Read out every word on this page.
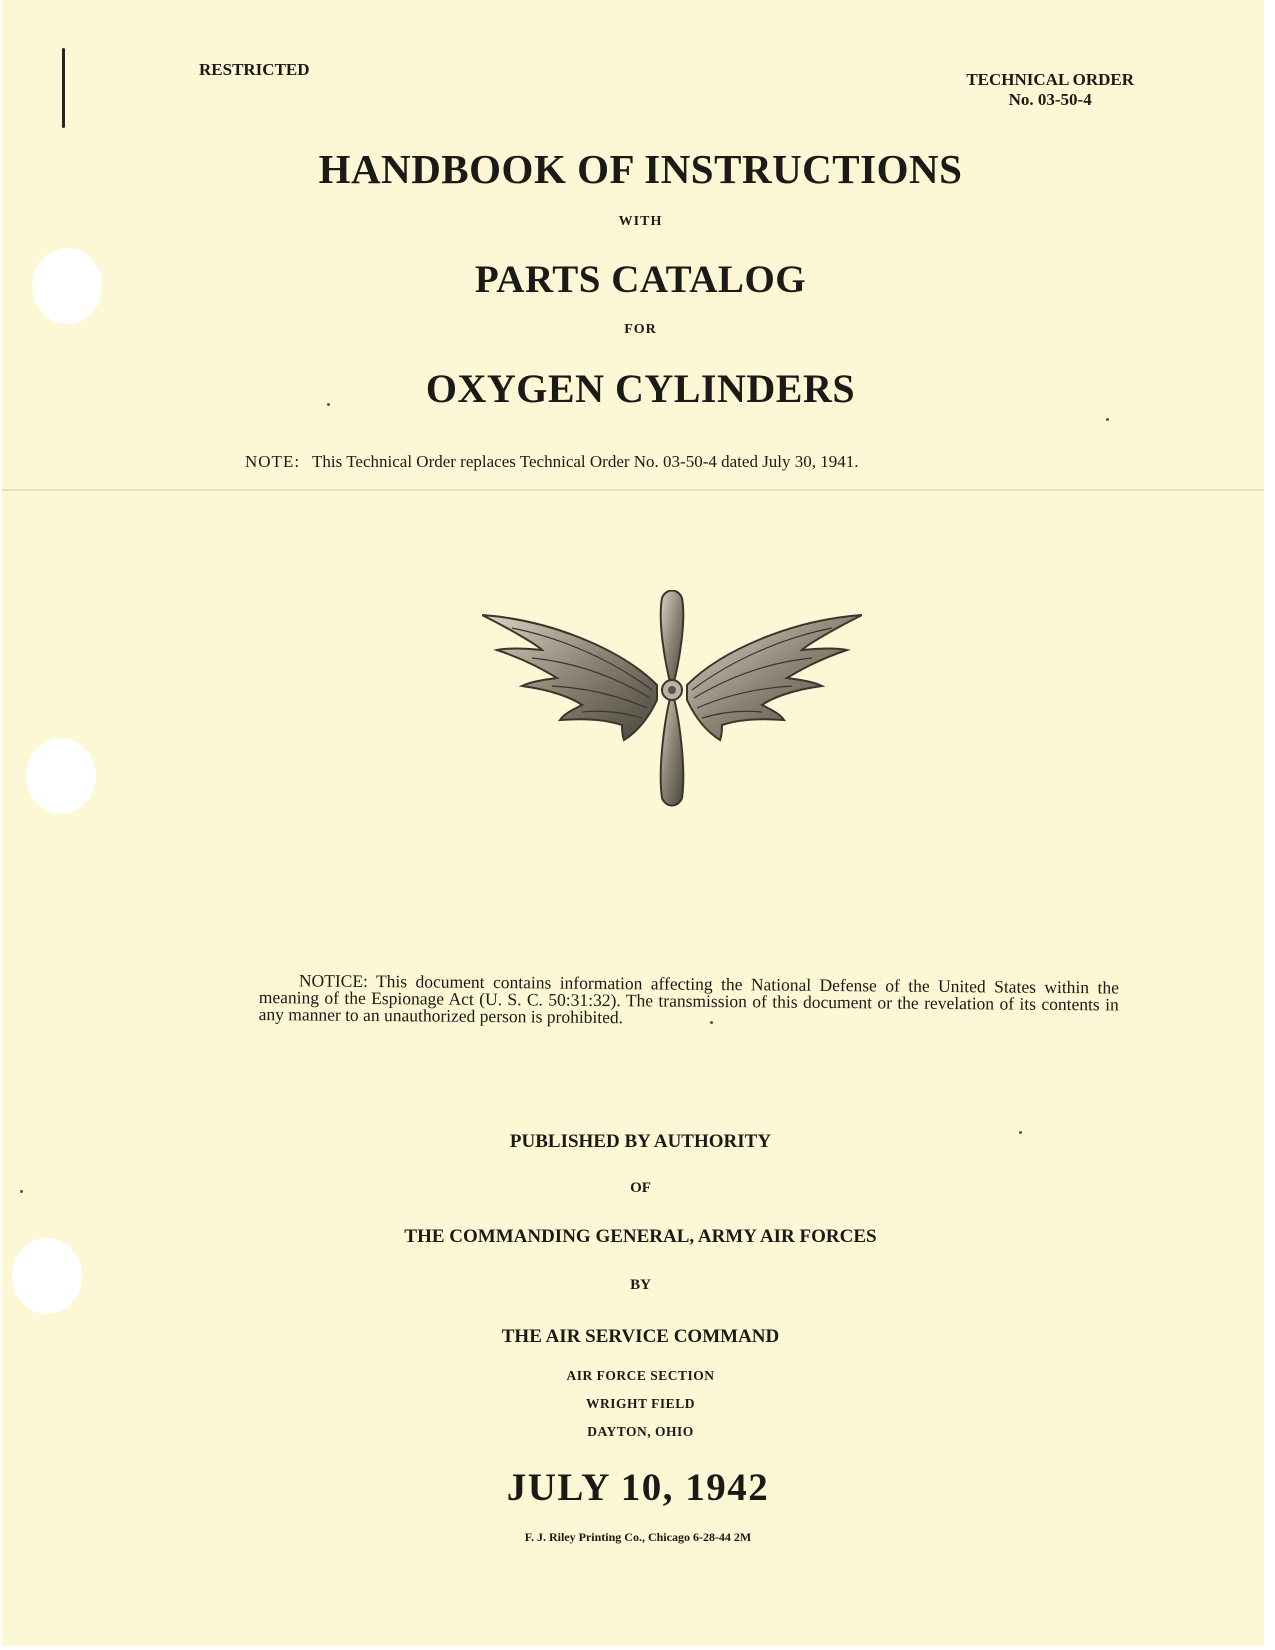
RESTRICTED
TECHNICAL ORDER
No. 03-50-4
HANDBOOK OF INSTRUCTIONS
WITH
PARTS CATALOG
FOR
OXYGEN CYLINDERS
NOTE: This Technical Order replaces Technical Order No. 03-50-4 dated July 30, 1941.
NOTICE: This document contains information affecting the National Defense of the United States within the meaning of the Espionage Act (U. S. C. 50:31:32). The transmission of this document or the revelation of its contents in any manner to an unauthorized person is prohibited.
PUBLISHED BY AUTHORITY
OF
THE COMMANDING GENERAL, ARMY AIR FORCES
BY
THE AIR SERVICE COMMAND
AIR FORCE SECTION
WRIGHT FIELD
DAYTON, OHIO
JULY 10, 1942
F. J. Riley Printing Co., Chicago 6-28-44 2M
